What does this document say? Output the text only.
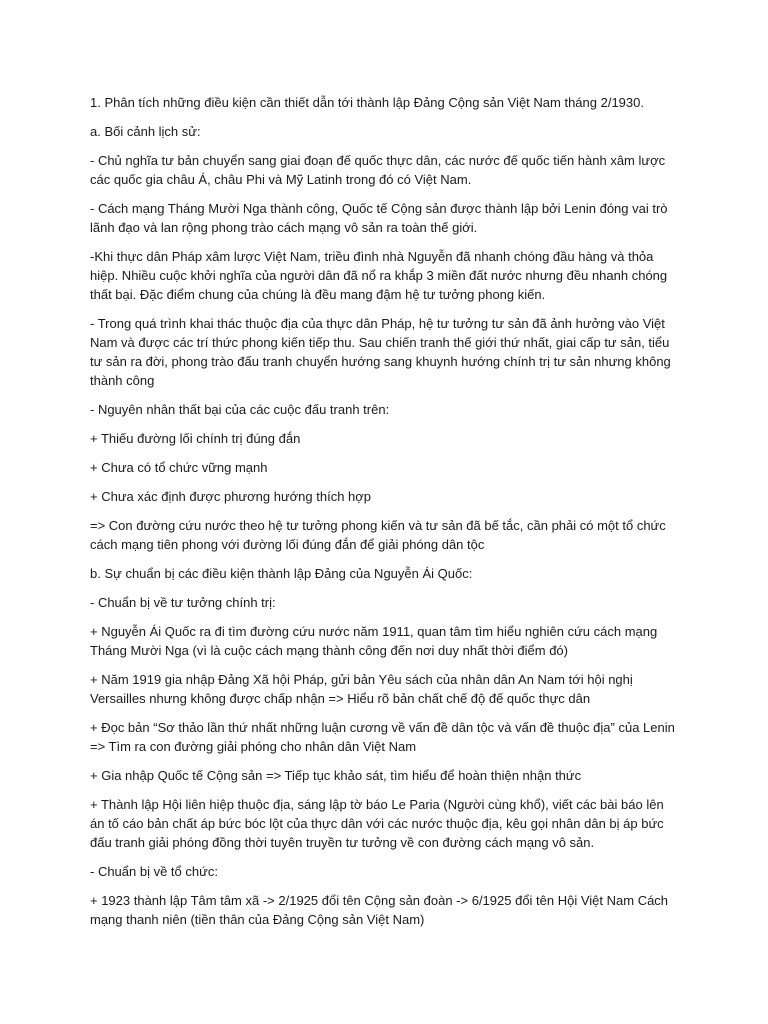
1. Phân tích những điều kiện cần thiết dẫn tới thành lập Đảng Cộng sản Việt Nam tháng 2/1930.

a. Bối cảnh lịch sử:

- Chủ nghĩa tư bản chuyển sang giai đoạn đế quốc thực dân, các nước đế quốc tiến hành xâm lược các quốc gia châu Á, châu Phi và Mỹ Latinh trong đó có Việt Nam.

- Cách mạng Tháng Mười Nga thành công, Quốc tế Cộng sản được thành lập bởi Lenin đóng vai trò lãnh đạo và lan rộng phong trào cách mạng vô sản ra toàn thế giới.

-Khi thực dân Pháp xâm lược Việt Nam, triều đình nhà Nguyễn đã nhanh chóng đầu hàng và thỏa hiệp. Nhiều cuộc khởi nghĩa của người dân đã nổ ra khắp 3 miền đất nước nhưng đều nhanh chóng thất bại. Đặc điểm chung của chúng là đều mang đậm hệ tư tưởng phong kiến.

- Trong quá trình khai thác thuộc địa của thực dân Pháp, hệ tư tưởng tư sản đã ảnh hưởng vào Việt Nam và được các trí thức phong kiến tiếp thu. Sau chiến tranh thế giới thứ nhất, giai cấp tư sản, tiểu tư sản ra đời, phong trào đấu tranh chuyển hướng sang khuynh hướng chính trị tư sản nhưng không thành công

- Nguyên nhân thất bại của các cuộc đấu tranh trên:

+ Thiếu đường lối chính trị đúng đắn

+ Chưa có tổ chức vững mạnh

+ Chưa xác định được phương hướng thích hợp

=> Con đường cứu nước theo hệ tư tưởng phong kiến và tư sản đã bế tắc, cần phải có một tổ chức cách mạng tiên phong với đường lối đúng đắn để giải phóng dân tộc

b. Sự chuẩn bị các điều kiện thành lập Đảng của Nguyễn Ái Quốc:

- Chuẩn bị về tư tưởng chính trị:

+ Nguyễn Ái Quốc ra đi tìm đường cứu nước năm 1911, quan tâm tìm hiểu nghiên cứu cách mạng Tháng Mười Nga (vì là cuộc cách mạng thành công đến nơi duy nhất thời điểm đó)

+ Năm 1919 gia nhập Đảng Xã hội Pháp, gửi bản Yêu sách của nhân dân An Nam tới hội nghị Versailles nhưng không được chấp nhận => Hiểu rõ bản chất chế độ đế quốc thực dân

+ Đọc bản “Sơ thảo lần thứ nhất những luận cương về vấn đề dân tộc và vấn đề thuộc địa” của Lenin => Tìm ra con đường giải phóng cho nhân dân Việt Nam

+ Gia nhập Quốc tế Cộng sản => Tiếp tục khảo sát, tìm hiểu để hoàn thiện nhận thức

+ Thành lập Hội liên hiệp thuộc địa, sáng lập tờ báo Le Paria (Người cùng khổ), viết các bài báo lên án tố cáo bản chất áp bức bóc lột của thực dân với các nước thuộc địa, kêu gọi nhân dân bị áp bức đấu tranh giải phóng đồng thời tuyên truyền tư tưởng về con đường cách mạng vô sản.

- Chuẩn bị về tổ chức:

+ 1923 thành lập Tâm tâm xã -> 2/1925 đổi tên Cộng sản đoàn -> 6/1925 đổi tên Hội Việt Nam Cách mạng thanh niên (tiền thân của Đảng Cộng sản Việt Nam)
